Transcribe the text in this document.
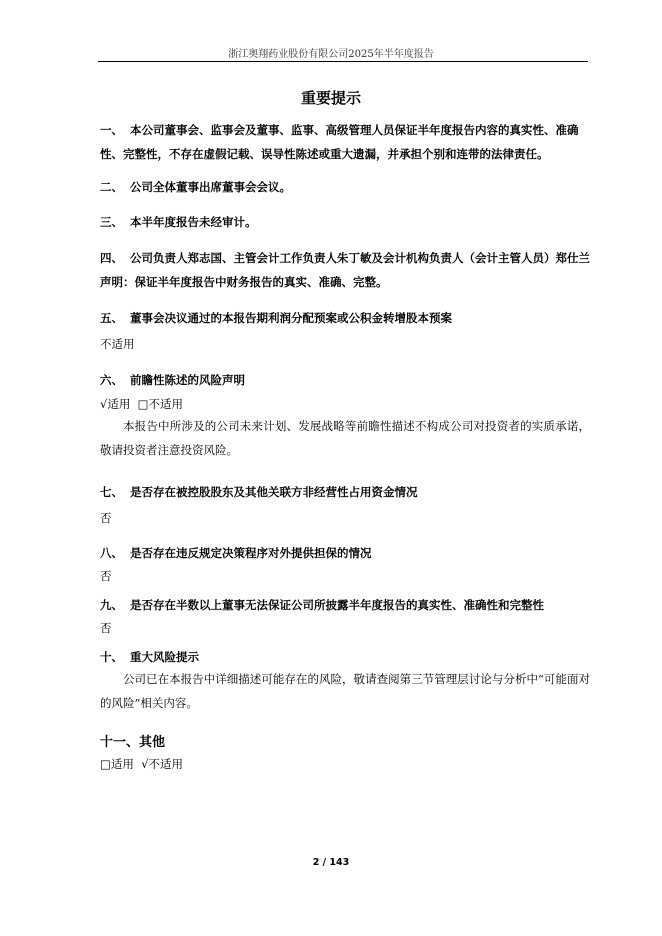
浙江奥翔药业股份有限公司2025年半年度报告
重要提示
一、 本公司董事会、监事会及董事、监事、高级管理人员保证半年度报告内容的真实性、准确性、完整性，不存在虚假记载、误导性陈述或重大遗漏，并承担个别和连带的法律责任。
二、 公司全体董事出席董事会会议。
三、 本半年度报告未经审计。
四、 公司负责人郑志国、主管会计工作负责人朱丁敏及会计机构负责人（会计主管人员）郑仕兰声明：保证半年度报告中财务报告的真实、准确、完整。
五、 董事会决议通过的本报告期利润分配预案或公积金转增股本预案
不适用
六、 前瞻性陈述的风险声明
√适用 □不适用
本报告中所涉及的公司未来计划、发展战略等前瞻性描述不构成公司对投资者的实质承诺，敬请投资者注意投资风险。
七、 是否存在被控股股东及其他关联方非经营性占用资金情况
否
八、 是否存在违反规定决策程序对外提供担保的情况
否
九、 是否存在半数以上董事无法保证公司所披露半年度报告的真实性、准确性和完整性
否
十、 重大风险提示
公司已在本报告中详细描述可能存在的风险，敬请查阅第三节管理层讨论与分析中“可能面对的风险”相关内容。
十一、其他
□适用 √不适用
2 / 143
